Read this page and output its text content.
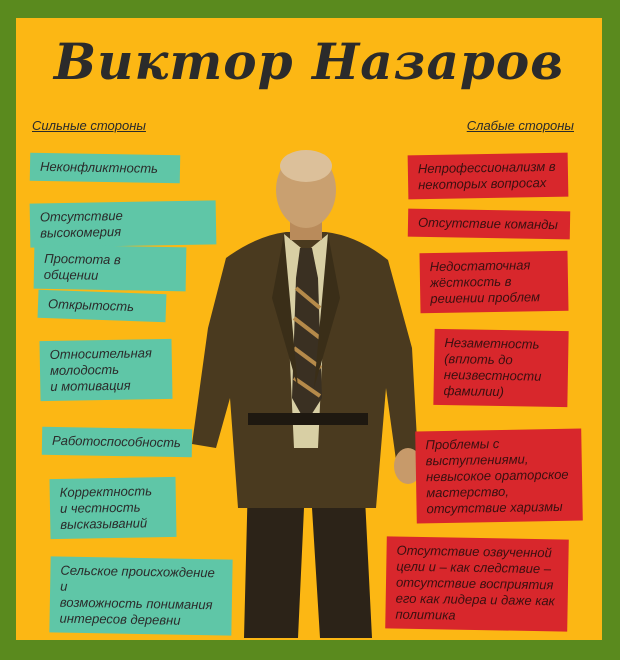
Виктор Назаров

Сильные стороны	Слабые стороны

Неконфликтность
Отсутствие высокомерия
Простота в общении
Открытость
Относительная
молодость
и мотивация
Работоспособность
Корректность
и честность
высказываний
Сельское происхождение и
возможность понимания
интересов деревни
Непрофессионализм в
некоторых вопросах
Отсутствие команды
Недостаточная
жёсткость в
решении проблем
Незаметность
(вплоть до
неизвестности
фамилии)
Проблемы с
выступлениями,
невысокое ораторское
мастерство,
отсутствие харизмы
Отсутствие озвученной
цели и – как следствие –
отсутствие восприятия
его как лидера и даже как
политика
